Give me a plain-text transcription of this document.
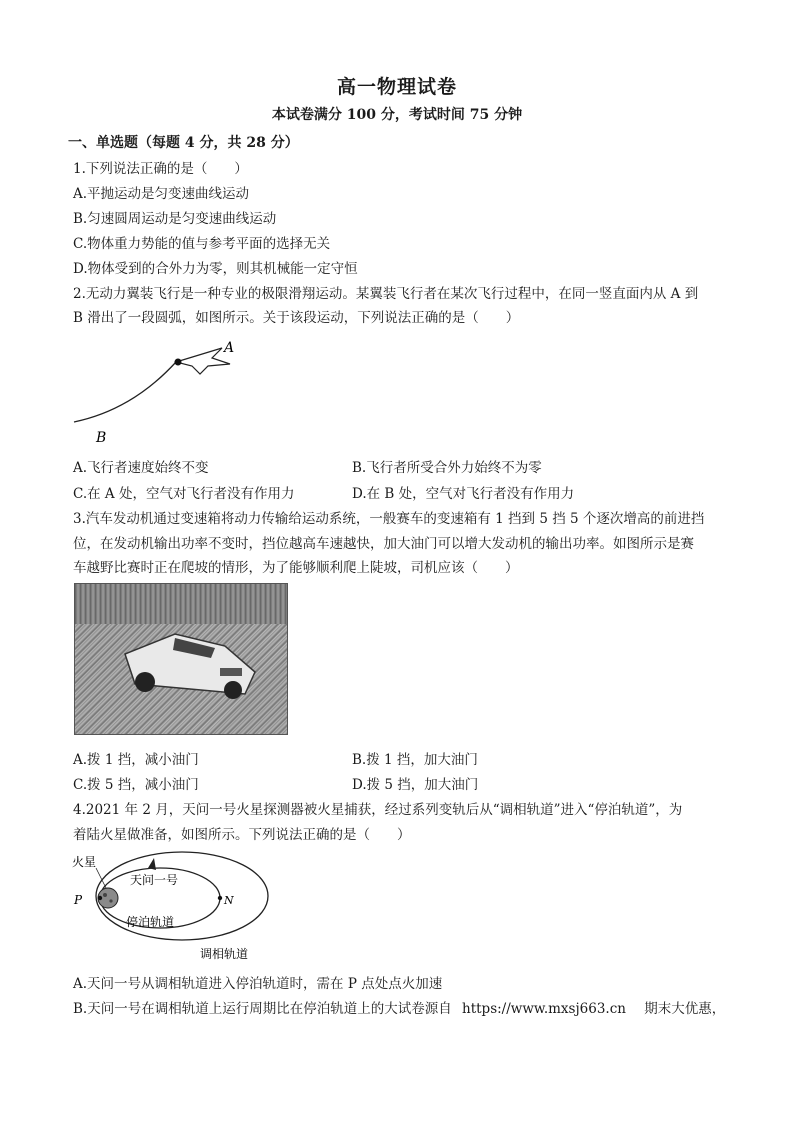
高一物理试卷
本试卷满分 100 分，考试时间 75 分钟
一、单选题（每题 4 分，共 28 分）
1.下列说法正确的是（　　）
A.平抛运动是匀变速曲线运动
B.匀速圆周运动是匀变速曲线运动
C.物体重力势能的值与参考平面的选择无关
D.物体受到的合外力为零，则其机械能一定守恒
2.无动力翼装飞行是一种专业的极限滑翔运动。某翼装飞行者在某次飞行过程中，在同一竖直面内从 A 到
B 滑出了一段圆弧，如图所示。关于该段运动，下列说法正确的是（　　）
A
B
A.飞行者速度始终不变	B.飞行者所受合外力始终不为零
C.在 A 处，空气对飞行者没有作用力	D.在 B 处，空气对飞行者没有作用力
3.汽车发动机通过变速箱将动力传输给运动系统，一般赛车的变速箱有 1 挡到 5 挡 5 个逐次增高的前进挡
位，在发动机输出功率不变时，挡位越高车速越快，加大油门可以增大发动机的输出功率。如图所示是赛
车越野比赛时正在爬坡的情形，为了能够顺利爬上陡坡，司机应该（　　）
A.拨 1 挡，减小油门	B.拨 1 挡，加大油门
C.拨 5 挡，减小油门	D.拨 5 挡，加大油门
4.2021 年 2 月，天问一号火星探测器被火星捕获，经过系列变轨后从“调相轨道”进入“停泊轨道”，为
着陆火星做准备，如图所示。下列说法正确的是（　　）
火星
天问一号
P	N
停泊轨道
调相轨道
A.天问一号从调相轨道进入停泊轨道时，需在 P 点处点火加速
B.天问一号在调相轨道上运行周期比在停泊轨道上的大试卷源自 https://www.mxsj663.cn 期末大优惠，
